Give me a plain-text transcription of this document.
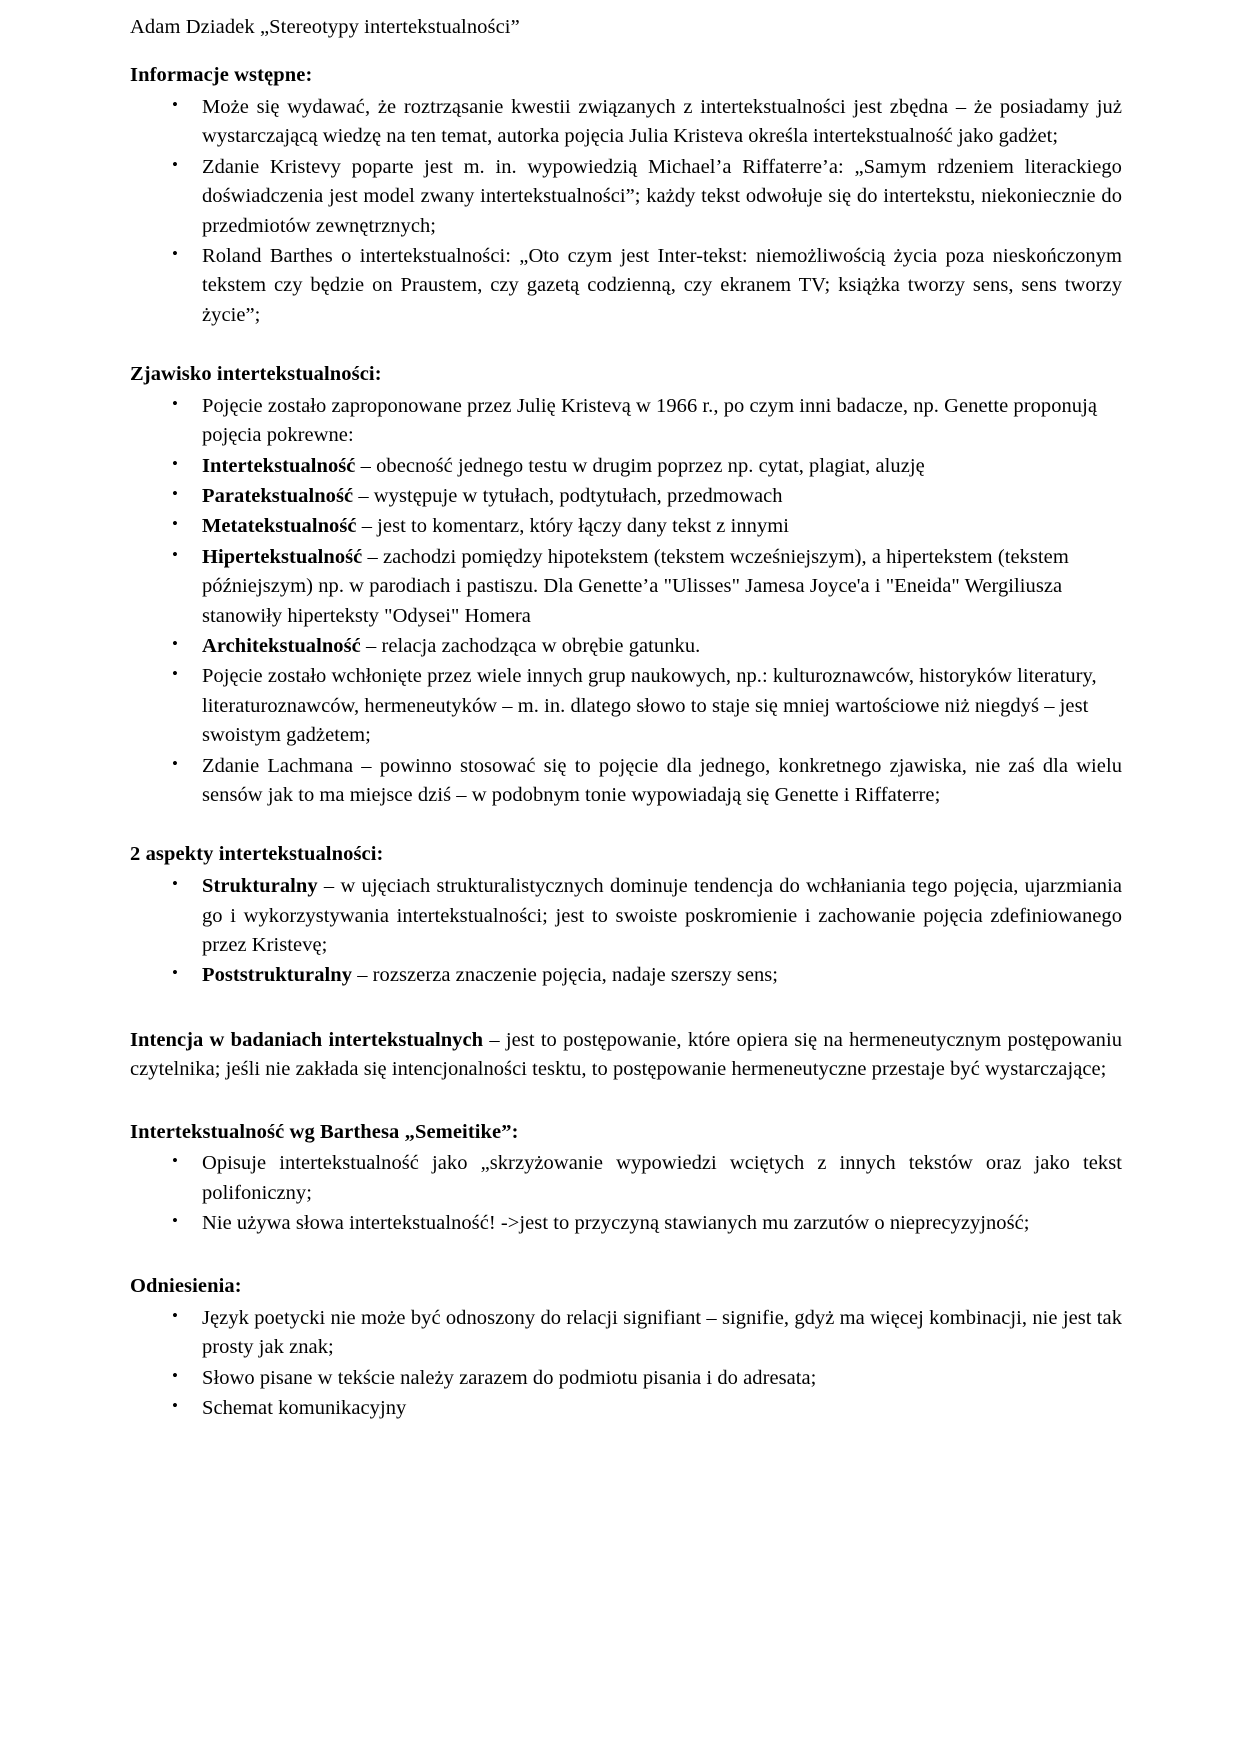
Adam Dziadek „Stereotypy intertekstualności”

Informacje wstępne:

• Może się wydawać, że roztrząsanie kwestii związanych z intertekstualności jest zbędna – że posiadamy już wystarczającą wiedzę na ten temat, autorka pojęcia Julia Kristeva określa intertekstualność jako gadżet;
• Zdanie Kristevy poparte jest m. in. wypowiedzią Michael’a Riffaterre’a: „Samym rdzeniem literackiego doświadczenia jest model zwany intertekstualności”; każdy tekst odwołuje się do intertekstu, niekoniecznie do przedmiotów zewnętrznych;
• Roland Barthes o intertekstualności: „Oto czym jest Inter-tekst: niemożliwością życia poza nieskończonym tekstem czy będzie on Praustem, czy gazetą codzienną, czy ekranem TV; książka tworzy sens, sens tworzy życie”;

Zjawisko intertekstualności:

• Pojęcie zostało zaproponowane przez Julię Kristevą w 1966 r., po czym inni badacze, np. Genette proponują pojęcia pokrewne:
• Intertekstualność – obecność jednego testu w drugim poprzez np. cytat, plagiat, aluzję
• Paratekstualność – występuje w tytułach, podtytułach, przedmowach
• Metatekstualność – jest to komentarz, który łączy dany tekst z innymi
• Hipertekstualność – zachodzi pomiędzy hipotekstem (tekstem wcześniejszym), a hipertekstem (tekstem późniejszym) np. w parodiach i pastiszu. Dla Genette’a "Ulisses" Jamesa Joyce'a i "Eneida" Wergiliusza stanowiły hiperteksty "Odysei" Homera
• Architekstualność – relacja zachodząca w obrębie gatunku.
• Pojęcie zostało wchłonięte przez wiele innych grup naukowych, np.: kulturoznawców, historyków literatury, literaturoznawców, hermeneutyków – m. in. dlatego słowo to staje się mniej wartościowe niż niegdyś – jest swoistym gadżetem;
• Zdanie Lachmana – powinno stosować się to pojęcie dla jednego, konkretnego zjawiska, nie zaś dla wielu sensów jak to ma miejsce dziś – w podobnym tonie wypowiadają się Genette i Riffaterre;

2 aspekty intertekstualności:

• Strukturalny – w ujęciach strukturalistycznych dominuje tendencja do wchłaniania tego pojęcia, ujarzmiania go i wykorzystywania intertekstualności; jest to swoiste poskromienie i zachowanie pojęcia zdefiniowanego przez Kristevę;
• Poststrukturalny – rozszerza znaczenie pojęcia, nadaje szerszy sens;

Intencja w badaniach intertekstualnych – jest to postępowanie, które opiera się na hermeneutycznym postępowaniu czytelnika; jeśli nie zakłada się intencjonalności tesktu, to postępowanie hermeneutyczne przestaje być wystarczające;

Intertekstualność wg Barthesa „Semeitike”:

• Opisuje intertekstualność jako „skrzyżowanie wypowiedzi wciętych z innych tekstów oraz jako tekst polifoniczny;
• Nie używa słowa intertekstualność! ->jest to przyczyną stawianych mu zarzutów o nieprecyzyjność;

Odniesienia:

• Język poetycki nie może być odnoszony do relacji signifiant – signifie, gdyż ma więcej kombinacji, nie jest tak prosty jak znak;
• Słowo pisane w tekście należy zarazem do podmiotu pisania i do adresata;
• Schemat komunikacyjny
